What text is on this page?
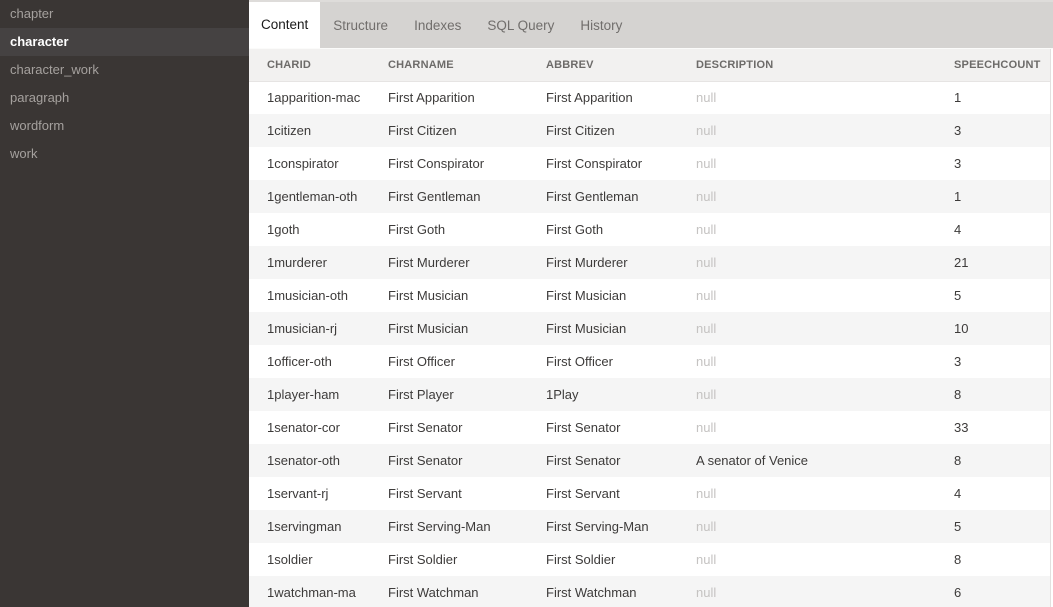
chapter
character
character_work
paragraph
wordform
work
Content	Structure	Indexes	SQL Query	History
CHARID	CHARNAME	ABBREV	DESCRIPTION	SPEECHCOUNT
1apparition-mac	First Apparition	First Apparition	null	1
1citizen	First Citizen	First Citizen	null	3
1conspirator	First Conspirator	First Conspirator	null	3
1gentleman-oth	First Gentleman	First Gentleman	null	1
1goth	First Goth	First Goth	null	4
1murderer	First Murderer	First Murderer	null	21
1musician-oth	First Musician	First Musician	null	5
1musician-rj	First Musician	First Musician	null	10
1officer-oth	First Officer	First Officer	null	3
1player-ham	First Player	1Play	null	8
1senator-cor	First Senator	First Senator	null	33
1senator-oth	First Senator	First Senator	A senator of Venice	8
1servant-rj	First Servant	First Servant	null	4
1servingman	First Serving-Man	First Serving-Man	null	5
1soldier	First Soldier	First Soldier	null	8
1watchman-ma	First Watchman	First Watchman	null	6
